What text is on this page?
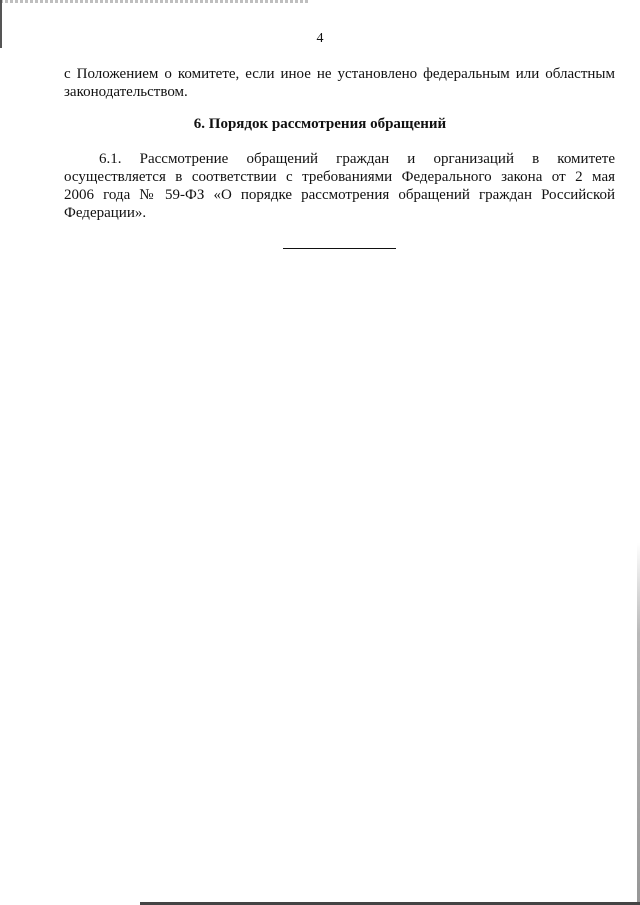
4
с Положением о комитете, если иное не установлено федеральным или областным законодательством.
6. Порядок рассмотрения обращений
6.1. Рассмотрение обращений граждан и организаций в комитете осуществляется в соответствии с требованиями Федерального закона от 2 мая 2006 года № 59-ФЗ «О порядке рассмотрения обращений граждан Российской Федерации».
